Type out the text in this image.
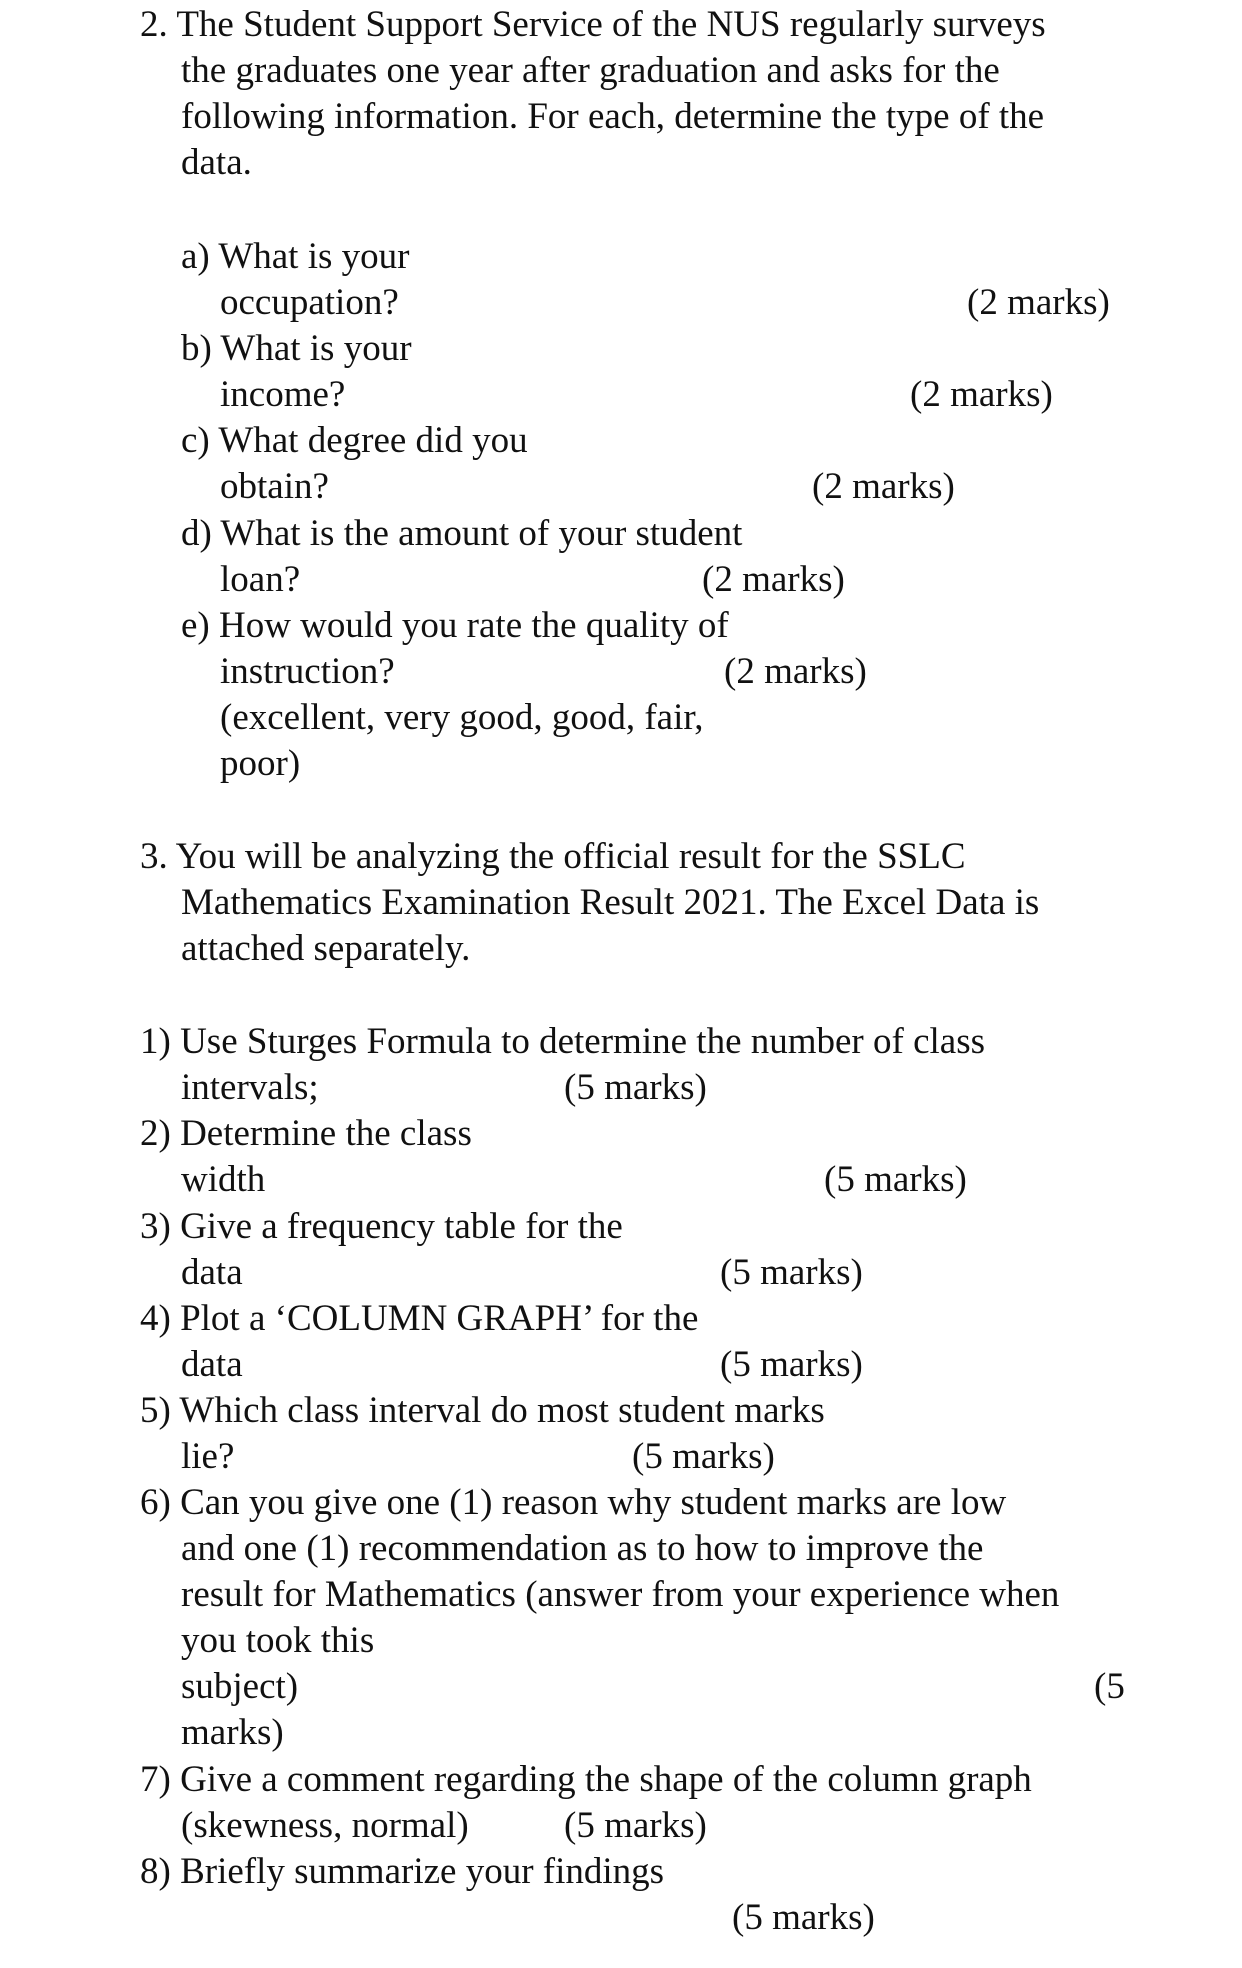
2. The Student Support Service of the NUS regularly surveys
the graduates one year after graduation and asks for the
following information. For each, determine the type of the
data.
a) What is your
occupation?	(2 marks)
b) What is your
income?	(2 marks)
c) What degree did you
obtain?	(2 marks)
d) What is the amount of your student
loan?	(2 marks)
e) How would you rate the quality of
instruction?	(2 marks)
(excellent, very good, good, fair,
poor)
3. You will be analyzing the official result for the SSLC
Mathematics Examination Result 2021. The Excel Data is
attached separately.
1) Use Sturges Formula to determine the number of class
intervals;	(5 marks)
2) Determine the class
width	(5 marks)
3) Give a frequency table for the
data	(5 marks)
4) Plot a ‘COLUMN GRAPH’ for the
data	(5 marks)
5) Which class interval do most student marks
lie?	(5 marks)
6) Can you give one (1) reason why student marks are low
and one (1) recommendation as to how to improve the
result for Mathematics (answer from your experience when
you took this
subject)	(5
marks)
7) Give a comment regarding the shape of the column graph
(skewness, normal)	(5 marks)
8) Briefly summarize your findings
(5 marks)
